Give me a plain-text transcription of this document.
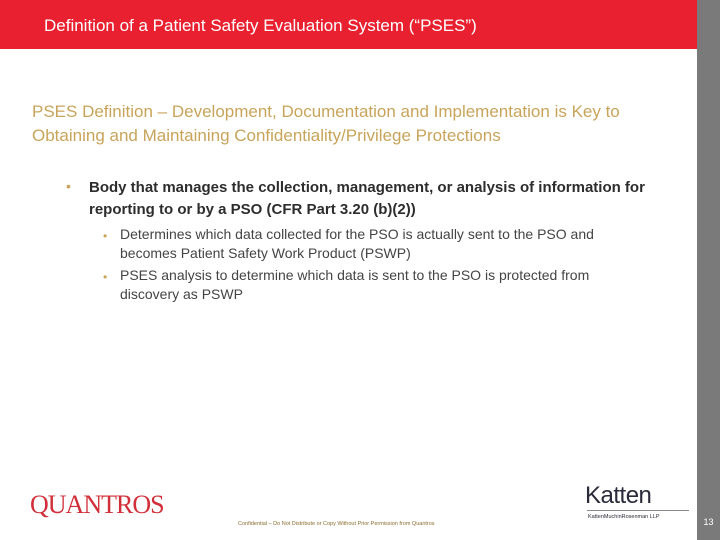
Definition of a Patient Safety Evaluation System (“PSES”)
PSES Definition – Development, Documentation and Implementation is Key to Obtaining and Maintaining Confidentiality/Privilege Protections
• Body that manages the collection, management, or analysis of information for reporting to or by a PSO (CFR Part 3.20 (b)(2))
• Determines which data collected for the PSO is actually sent to the PSO and becomes Patient Safety Work Product (PSWP)
• PSES analysis to determine which data is sent to the PSO is protected from discovery as PSWP
QUANTROS
Confidential – Do Not Distribute or Copy Without Prior Permission from Quantros
Katten
KattenMuchinRosenman LLP	13
